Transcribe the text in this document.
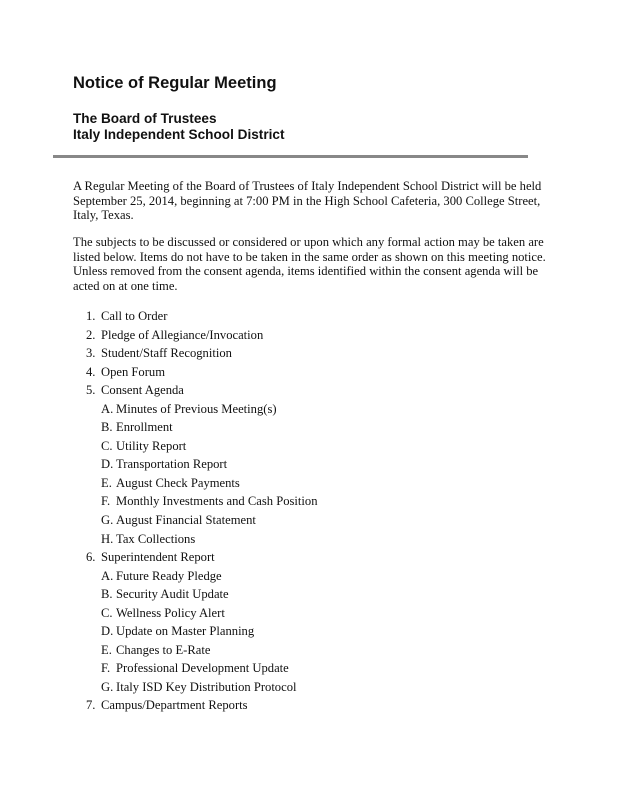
Notice of Regular Meeting
The Board of Trustees
Italy Independent School District

A Regular Meeting of the Board of Trustees of Italy Independent School District will be held
September 25, 2014, beginning at 7:00 PM in the High School Cafeteria, 300 College Street,
Italy, Texas.

The subjects to be discussed or considered or upon which any formal action may be taken are
listed below. Items do not have to be taken in the same order as shown on this meeting notice.
Unless removed from the consent agenda, items identified within the consent agenda will be
acted on at one time.

1. Call to Order
2. Pledge of Allegiance/Invocation
3. Student/Staff Recognition
4. Open Forum
5. Consent Agenda
A. Minutes of Previous Meeting(s)
B. Enrollment
C. Utility Report
D. Transportation Report
E. August Check Payments
F. Monthly Investments and Cash Position
G. August Financial Statement
H. Tax Collections
6. Superintendent Report
A. Future Ready Pledge
B. Security Audit Update
C. Wellness Policy Alert
D. Update on Master Planning
E. Changes to E-Rate
F. Professional Development Update
G. Italy ISD Key Distribution Protocol
7. Campus/Department Reports
